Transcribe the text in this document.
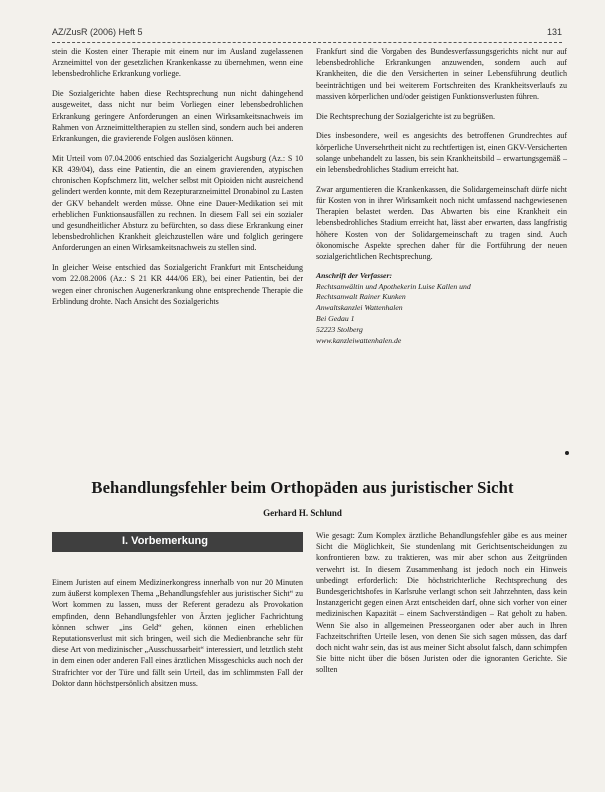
AZ/ZusR (2006) Heft 5	131

stein die Kosten einer Therapie mit einem nur im Ausland zugelassenen Arzneimittel von der gesetzlichen Krankenkasse zu übernehmen, wenn eine lebensbedrohliche Erkrankung vorliege.

Die Sozialgerichte haben diese Rechtsprechung nun nicht dahingehend ausgeweitet, dass nicht nur beim Vorliegen einer lebensbedrohlichen Erkrankung geringere Anforderungen an einen Wirksamkeitsnachweis im Rahmen von Arzneimitteltherapien zu stellen sind, sondern auch bei anderen Erkrankungen, die gravierende Folgen auslösen können.

Mit Urteil vom 07.04.2006 entschied das Sozialgericht Augsburg (Az.: S 10 KR 439/04), dass eine Patientin, die an einem gravierenden, atypischen chronischen Kopfschmerz litt, welcher selbst mit Opioiden nicht ausreichend gelindert werden konnte, mit dem Rezepturarzneimittel Dronabinol zu Lasten der GKV behandelt werden müsse. Ohne eine Dauer-Medikation sei mit erheblichen Funktionsausfällen zu rechnen. In diesem Fall sei ein sozialer und gesundheitlicher Absturz zu befürchten, so dass diese Erkrankung einer lebensbedrohlichen Krankheit gleichzustellen wäre und folglich geringere Anforderungen an einen Wirksamkeitsnachweis zu stellen sind.

In gleicher Weise entschied das Sozialgericht Frankfurt mit Entscheidung vom 22.08.2006 (Az.: S 21 KR 444/06 ER), bei einer Patientin, bei der wegen einer chronischen Augenerkrankung ohne entsprechende Therapie die Erblindung drohte. Nach Ansicht des Sozialgerichts

Frankfurt sind die Vorgaben des Bundesverfassungsgerichts nicht nur auf lebensbedrohliche Erkrankungen anzuwenden, sondern auch auf Krankheiten, die die den Versicherten in seiner Lebensführung deutlich beeinträchtigen und bei weiterem Fortschreiten des Krankheitsverlaufs zu massiven körperlichen und/oder geistigen Funktionsverlusten führen.

Die Rechtsprechung der Sozialgerichte ist zu begrüßen.

Dies insbesondere, weil es angesichts des betroffenen Grundrechtes auf körperliche Unversehrtheit nicht zu rechtfertigen ist, einen GKV-Versicherten solange unbehandelt zu lassen, bis sein Krankheitsbild – erwartungsgemäß – ein lebensbedrohliches Stadium erreicht hat.

Zwar argumentieren die Krankenkassen, die Solidargemeinschaft dürfe nicht für Kosten von in ihrer Wirksamkeit noch nicht umfassend nachgewiesenen Therapien belastet werden. Das Abwarten bis eine Krankheit ein lebensbedrohliches Stadium erreicht hat, lässt aber erwarten, dass langfristig höhere Kosten von der Solidargemeinschaft zu tragen sind. Auch ökonomische Aspekte sprechen daher für die Fortführung der neuen sozialgerichtlichen Rechtsprechung.

Anschrift der Verfasser:
Rechtsanwältin und Apothekerin Luise Kallen und
Rechtsanwalt Rainer Kunken
Anwaltskanzlei Wattenhalen
Bei Gedau 1
52223 Stolberg
www.kanzleiwattenhalen.de
Behandlungsfehler beim Orthopäden aus juristischer Sicht
Gerhard H. Schlund
I. Vorbemerkung

Einem Juristen auf einem Medizinerkongress innerhalb von nur 20 Minuten zum äußerst komplexen Thema „Behandlungsfehler aus juristischer Sicht“ zu Wort kommen zu lassen, muss der Referent geradezu als Provokation empfinden, denn Behandlungsfehler von Ärzten jeglicher Fachrichtung können schwer „ins Geld“ gehen, können einen erheblichen Reputationsverlust mit sich bringen, weil sich die Medienbranche sehr für diese Art von medizinischer „Ausschussarbeit“ interessiert, und letztlich steht in dem einen oder anderen Fall eines ärztlichen Missgeschicks auch noch der Strafrichter vor der Türe und fällt sein Urteil, das im schlimmsten Fall der Doktor dann höchstpersönlich absitzen muss.

Wie gesagt: Zum Komplex ärztliche Behandlungsfehler gäbe es aus meiner Sicht die Möglichkeit, Sie stundenlang mit Gerichtsentscheidungen zu konfrontieren bzw. zu traktieren, was mir aber schon aus Zeitgründen verwehrt ist. In diesem Zusammenhang ist jedoch noch ein Hinweis unbedingt erforderlich: Die höchstrichterliche Rechtsprechung des Bundesgerichtshofes in Karlsruhe verlangt schon seit Jahrzehnten, dass kein Instanzgericht gegen einen Arzt entscheiden darf, ohne sich vorher von einer medizinischen Kapazität – einem Sachverständigen – Rat geholt zu haben. Wenn Sie also in allgemeinen Presseorganen oder aber auch in Ihren Fachzeitschriften Urteile lesen, von denen Sie sich sagen müssen, das darf doch nicht wahr sein, das ist aus meiner Sicht absolut falsch, dann schimpfen Sie bitte nicht über die bösen Juristen oder die ignoranten Gerichte. Sie sollten
